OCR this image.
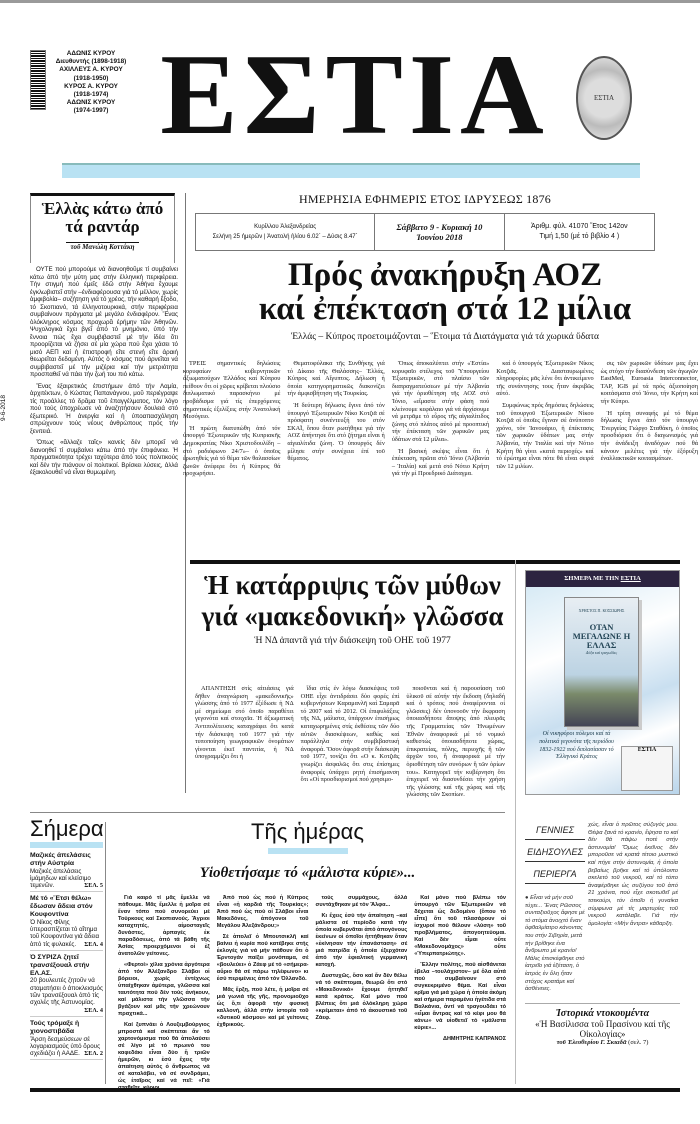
9-6-2018
ΑΔΩΝΙΣ ΚΥΡΟΥ
Διευθυντής (1898-1918)
ΑΧΙΛΛΕΥΣ Α. ΚΥΡΟΥ
(1918-1950)
ΚΥΡΟΣ Α. ΚΥΡΟΥ
(1918-1974)
ΑΔΩΝΙΣ ΚΥΡΟΥ
(1974-1997) ΕΣΤΙΑ	ΕΣΤΙΑ
Ἑλλὰς κάτω ἀπό τά ραντάρ
τοῦ Μανώλη Κοττάκη

ΟΥΤΕ πού μπορούμε νά διανοηθοῦμε τί συμβαίνει κάτω ἀπό τήν μύτη μας στήν ἑλληνική περιφέρεια. Τήν στιγμή πού ἐμεῖς ἐδῶ στήν Ἀθήνα ἔχουμε ἐγκλωβιστεῖ στήν –ἐνδιαφέρουσα γιά τό μέλλον, χωρίς ἀμφιβολία– συζήτηση γιά τό χρέος, τήν καθαρή ἔξοδο, τό Σκοπιανό, τά ἑλληνοτουρκικά, στήν περιφέρεια συμβαίνουν πράγματα μέ μεγάλο ἐνδιαφέρον. Ἕνας ὁλόκληρος κόσμος προχωρᾶ ἐρήμην τῶν Ἀθηνῶν. Ψυχολογικά ἔχει βγεῖ ἀπό τό μνημόνιο, ὑπό τήν ἔννοια πώς ἔχει συμβιβαστεῖ μέ τήν ἰδέα ὅτι προορίζεται νά ζήσει σέ μία χώρα πού ἔχει χάσει τό μισό ΑΕΠ καί ἡ ἐπιστροφή εἴτε στενή εἴτε ἀραιή θεωρεῖται δεδομένη. Αὐτός ὁ κόσμος πού ἀρνεῖται νά συμβιβαστεῖ μέ τήν μιζέρια καί τήν μετριότητα προσπαθεῖ νά πάει τήν ζωή του πιό κάτω.

Ἕνας ἐξαιρετικός ἐπιστήμων ἀπό τήν Λαμία, ἀρχιτέκτων, ὁ Κώστας Παπανάγνου, μοῦ περιέγραψε τίς προάλλες τό δρᾶμα τοῦ ἐπαγγέλματος, τόν λόγο πού τούς ὑποχρέωσε νά ἀναζητήσουν δουλειά στό ἐξωτερικό. Ἡ ἀνεργία καί ἡ ὑποαπασχόληση σπρώχνουν τούς νέους ἀνθρώπους πρός τήν ξενιτειά.

Ὅπως «ἄλλαζε ταῖς» κανείς δέν μπορεῖ νά διανοηθεῖ τί συμβαίνει κάτω ἀπό τήν ἐπιφάνεια. Ἡ πραγματικότητα τρέχει ταχύτερα ἀπό τούς πολιτικούς καί δέν τήν πιάνουν οἱ πολιτικοί. Βρίσκει λύσεις, ἀλλά ἐξακολουθεῖ νά εἶναι θυμωμένη.

ΗΜΕΡΗΣΙΑ ΕΦΗΜΕΡΙΣ ΕΤΟΣ ΙΔΡΥΣΕΩΣ 1876
Κυρίλλου Ἀλεξανδρείας
Σελήνη 25 ἡμερῶν | Ἀνατολή ἡλίου 6.02΄ – Δύσις 8.47΄
Σάββατο 9 - Κυριακή 10
Ἰουνίου 2018
Ἀριθμ. φύλ. 41070 Ἔτος 142ον
Τιμή 1,50 (μέ τό βιβλίο 4 )
Πρός ἀνακήρυξη ΑΟΖ
καί ἐπέκταση στά 12 μίλια
Ἑλλάς – Κύπρος προετοιμάζονται – Ἕτοιμα τά Διατάγματα γιά τά χωρικά ὕδατα

ΤΡΕΙΣ σημαντικές δηλώσεις κορυφαίων κυβερνητικῶν ἀξιωματούχων Ἑλλάδος καί Κύπρου πείθουν ὅτι οἱ χῶρες κρίβεται πλούσιο διπλωματικό παρασκήνιο μέ προβάδισμα γιά τίς ἐπερχόμενες σημαντικές ἐξελίξεις στήν Ἀνατολική Μεσόγειο.

Ἡ πρώτη διατυπώθη ἀπό τόν ὑπουργό Ἐξωτερικῶν τῆς Κυπριακῆς Δημοκρατίας Νίκο Χριστοδουλίδη –στό ραδιόφωνο 24/7»– ὁ ὁποῖος ἐρωτηθείς γιά τό θέμα τῶν θαλασσίων ζωνῶν ἀνέφερε ὅτι ἡ Κύπρος θά προχωρήσει.

Θεματοφύλακα τῆς Συνθήκης γιά τό Δίκαιο τῆς Θαλάσσης– Ἑλλάς, Κύπρος καί Αἴγυπτος. Δήλωση ἡ ὁποία κατηγορηματικῶς διακονίζει τήν ἀμφισβήτηση τῆς Τουρκίας.

Ἡ δεύτερη δήλωσις ἔγινε ἀπό τόν ὑπουργό Ἐξωτερικῶν Νίκο Κοτζιᾶ σέ πρόσφατη συνέντευξή του στόν ΣΚΑΪ, ὅπου ὅταν ρωτήθηκε γιά τήν ΑΟΖ ἀπήντησε ὅτι στό ζήτημα εἶναι ἡ αἰγιαλίτιδα ζώνη. Ὁ ὑπουργός δέν μίλησε στήν συνέχεια ἐπί τοῦ θέματος.

Ὅπως ἀποκαλύπτει στήν «Ἑστία» κορυφαῖο στέλεχος τοῦ Ὑπουργείου Ἐξωτερικῶν, στό πλαίσιο τῶν διαπραγματεύσεων μέ τήν Ἀλβανία γιά τήν ὁριοθέτηση τῆς ΑΟΖ στό Ἰόνιο, «εἴμαστε στήν φάση πού κλείνουμε κεφάλαιο γιά νά ἀρχίσουμε νά μετρᾶμε τό εὖρος τῆς αἰγιαλίτιδος ζώνης στό πλάτος αὐτό μέ προοπτική τήν ἐπέκταση τῶν χωρικῶν μας ὑδάτων στά 12 μίλια».

Ἡ βασική σκέψις εἶναι ὅτι ἡ ἐπέκταση, πρῶτα στό Ἰόνιο (Ἀλβανία – Ἰταλία) καί μετά στό Νότιο Κρήτη γιά τήν μί Προεδρικό Διάταγμα.

καί ὁ ὑπουργός Ἐξωτερικῶν Νίκος Κοτζιᾶς. Διασταυρωμένες πληροφορίες μᾶς λένε ὅτι ἀντικείμενο τῆς συνάντησης τους ἦταν ἀκριβῶς αὐτό.

Συμφώνως πρός δημόσιες δηλώσεις τοῦ ὑπουργοῦ Ἐξωτερικῶν Νίκου Κοτζιᾶ οἱ ὁποῖες ἔγιναν σέ ἀνύποπτο χρόνο, τόν Ἰανουάριο, ἡ ἐπέκτασις τῶν χωρικῶν ὑδάτων μας στήν Ἀλβανία, τήν Ἰταλία καί τήν Νότιο Κρήτη θά γίνει «κατά περιοχές» καί τό ἐρώτημα εἶναι πότε θά εἶναι σειρά τῶν 12 μιλίων.

σις τῶν χωρικῶν ὑδάτων μας ἔχει ὡς στόχο τήν διασύνδεση τῶν ἀγωγῶν EastMed, Euroasia Interconnector, TAP, IGB μέ τά πρός ἀξιοποίηση κοιτάσματα στό Ἰόνιο, τήν Κρήτη καί τήν Κύπρο.

Ἡ τρίτη συναφής μέ τό θέμα δήλωσις ἔγινε ἀπό τόν ὑπουργό Ἐνεργείας Γιώργο Σταθάκη, ὁ ὁποῖος προσδιόρισε ὅτι ὁ διαγωνισμός γιά τήν ἀνάδειξη ἀναδόχων πού θά κάνουν μελέτες γιά τήν ἐξόρυξη ἐναλλακτικῶν κοιτασμάτων.

Ἡ κατάρριψις τῶν μύθων
γιά «μακεδονική» γλῶσσα
Ἡ ΝΔ ἀπαντᾶ γιά τήν διάσκεψη τοῦ ΟΗΕ τοῦ 1977

ΑΠΑΝΤΗΣΗ στίς αἰτιάσεις γιά δῆθεν ἀναγνώριση «μακεδονικῆς» γλώσσης ἀπό τό 1977 ἐξέδωσε ἡ ΝΔ μέ σημείωμα στό ὁποῖο παραθέτει γεγονότα καί στοιχεῖα. Ἡ ἀξιωματική Ἀντιπολίτευσις καταγράφει ὅτι κατά τήν διάσκεψη τοῦ 1977 γιά τήν τυποποίηση γεωγραφικῶν ὀνομάτων γίνονται ἐκεῖ παντιτία, ἡ ΝΔ ὑπογραμμίζει ὅτι ἡ

ἴδια στίς ἐν λόγω διασκέψεις τοῦ ΟΗΕ εἶχε ἀντιδράσει δύο φορές ἐπί κυβερνήσεων Καραμανλῆ καί Σαμαρᾶ τό 2007 καί τό 2012. Οἱ ἐπιφυλάξεις τῆς ΝΔ, μάλιστα, ὑπάρχουν ἐπισήμως καταχωρημένες στίς ἐκθέσεις τῶν δύο αὐτῶν διασκέψεων, καθώς καί παράλληλα στήν συμβιβαστική ἀναφορά. Ὅσον ἀφορᾶ στήν διάσκεψη τοῦ 1977, τονίζει ὅτι «Ο κ. Κοτζιᾶς γνωρίζει ἀσφαλῶς ὅτι στις ἐπίσημες ἀναφορές ὑπάρχει ρητή ἐπισήμανση ὅτι «Οἱ προσδιορισμοί πού χρησιμο-

ποιοῦνται καί ἡ παρουσίαση τοῦ ὑλικοῦ σέ αὐτήν τήν ἔκδοση (δηλαδή καί ὁ τρόπος πού ἀναφέρονται οἱ γλῶσσες) δέν ὑπονοοῦν τήν ἔκφραση ὁποιασδήποτε ἄποψης ἀπό πλευρᾶς τῆς Γραμματείας τῶν Ἡνωμένων Ἐθνῶν ἀναφορικά μέ τό νομικό καθεστώς ὁποιασδήποτε χώρας, ἐπικρατείας, πόλης, περιοχῆς ἤ τῶν ἀρχῶν του, ἤ ἀναφορικά μέ τήν ὁριοθέτηση τῶν συνόρων ἤ τῶν ὁρίων του». Κατηγορεῖ τήν κυβέρνηση ὅτι ἐπιχειρεῖ νά διασυνδέσει τήν χρήση τῆς γλώσσης καί τῆς χώρας καί τῆς γλώσσης τῶν Σκοπίων.

ΣΗΜΕΡΑ ΜΕ ΤΗΝ ΕΣΤΙΑ
ΧΡΗΣΤΟΣ Π. ΚΟΣΣΙΩΡΗΣ
ΟΤΑΝ ΜΕΓΑΛΩΝΕ Η ΕΛΛΑΣ
Δόξα καί τραγωδίες
Οἱ νικηφόροι πόλεμοι καί τά πολιτικά γεγονότα τῆς περιόδου 1832-1922 πού διπλασίασαν τό Ἑλληνικό Κράτος
ΕΣΤΙΑ
Σήμερα
Μαζικές ἀπελάσεις στήν Αὐστρία
Μαζικές ἀπελάσεις ἰμάμηδων καί κλείσιμο τεμενῶν.	ΣΕΛ. 5
Μέ τό «Ἔτσι θέλω» ἔδωσαν ἄδεια στόν Κουφοντίνα
Ὁ Νίκος Φίλης ὑπερασπίζεται τό αἴτημα τοῦ Κουφοντίνα γιά ἄδεια ἀπό τίς φυλακές. ΣΕΛ. 4
Ὁ ΣΥΡΙΖΑ ζητεῖ τρανσέξουαλ στήν ΕΛ.ΑΣ.
20 βουλευτές ζητοῦν νά σταματήσει ὁ ἀποκλεισμός τῶν τρανσέξουαλ ἀπό τίς σχολές τῆς Ἀστυνομίας.
ΣΕΛ. 4
Τούς τρόμαξε ἡ χιονοστιβάδα
Ἄρση δεσμεύσεων σέ λογαριασμούς ὑπό ὅρους σχεδιάζει ἡ ΑΑΔΕ. ΣΕΛ. 2
Τῆς ἡμέρας
Υἱοθετήσαμε τό «μάλιστα κύριε»...

Γιά καιρό τί μᾶς ἔμελλε νά πάθουμε. Μᾶς ἔμελλε ἡ μοῖρα σέ ἕναν τόπο πού συνορεύει μέ Τούρκους καί Σκοπιανούς. Ἄγριοι καταχτητές, αἱμοσταγεῖς δυνάστες, ἁρπαγές ἐκ παραδόσεως, ἀπό τά βάθη τῆς Ἀσίας προερχόμενοι οἱ ἐξ ἀνατολῶν γείτονες.

«Φερτοί» χίλια χρόνια ἀργότερα ἀπό τόν Ἀλέξανδρο Σλάβοι οἱ βόρειοι, χωρίς ἐντέχνως ὑπαίχθηκαν ἀμύτερα, γλῶσσα καί ταυτότητα πού δέν τούς ἀνήκουν, καί μάλιστα τήν γλῶσσα τήν βγάζουν καί μᾶς τήν χρεώνουν πραχτικά...

Καί ξυπνάει ὁ Λουξεμβούργιος μπροστά καί σκέπτεται ἄν τό χαρτονόμισμα πού θά ἀπολαύσει σέ λίγο μέ τό πρωινό του καφεδάκι εἶναι δύο ἤ τριῶν ἡμερῶν, κι ἐσύ ἔχεις τήν ἀπαίτηση αὐτός ὁ ἄνθρωπος νά σέ καταλάβει, νά σέ συνδράμει, ὡς ἑταῖρος καί νά πεῖ: «Γιά

Ἀπό πού ὡς πού ἡ Κύπρος εἶναι «ἡ καρδιά τῆς Τουρκίας»; Ἀπό πού ὡς πού οἱ Σλάβοι εἶναι Μακεδόνες, ἀπόγονοι τοῦ Μεγάλου Ἀλεξάνδρου;»

Σέ ἀπολεῖ ὁ Μπουτσικλῆ καί βαίνει ἡ κυρία πού κατέβηκε στής ἐκλογές γιά νά μήν πάθουν ὅτι ὁ Ἐρντογάν παίξει μονόπαμα, σέ «βουλεύει» ὁ Ζάεφ μέ τό «σήμερα-αὔριο θά σέ πάρω τηλέφωνο» κι ἐσύ περιμένεις ἀπό τόν Ὀλλανδό.

Μᾶς ἔρξη, πού λέτε, ἡ μοῖρα σέ μιά γωνιά τῆς γῆς, προνομιοῦχο ὡς ὅ,τι ἀφορᾶ τήν φυσική καλλονή, ἀλλά στήν ἱστορία τοῦ «δυτικοῦ κόσμου» καί μέ γείτονες ἐχθρικούς.

τούς συμμάχους, ἀλλά συντάχθηκαν μέ τόν Ἄλφα...

Κι ἔχεις ἐσύ τήν ἀπαίτηση –καί μάλιστα σέ περίοδο κατά τήν ὁποία κυβερνᾶται ἀπό ἀπογόνους ἐκείνων οἱ ὁποῖοι ἡττήθηκαν ὅταν «ἐκίνησαν τήν ἐπανάσταση» σέ μιά πατρίδα ἡ ὁποία ἐξερχόταν ἀπό τήν ἐφιαλτική γερμανική κατοχή.

Δυστυχῶς, ὅσο καί ἄν δέν θέλω νά τό σκέπτομαι, θεωρῶ ὅτι στό «Μακεδονικό» ἔχουμε ἡττηθεῖ κατά κράτος. Καί μόνο πού βλέπεις ὅτι μιά ὁλόκληρη χώρα «κρέμεται» ἀπό τό ἀκουστικό τοῦ Ζάεφ.

Καί μόνο πού βλέπω τόν ὑπουργό τῶν Ἐξωτερικῶν νά δέχεται ὡς δεδομένο (ὅπου τό εἶπε) ὅτι τοῦ πλασάρουν οἱ ἰσχυροί πού θέλουν «λύση» τοῦ προβλήματος, ἀπογοητεύομαι. Καί δέν εἶμαι οὔτε «Μακεδονομάχος» οὔτε «Ὑπερπατριώτης».

Ἕλλην πολίτης, πού αἰσθάνεται ἐβελα –τουλάχιστον– μέ ὅλα αὐτά πού συμβαίνουν στό συγκεκριμένο θέμα. Καί εἶναι κρῖμα γιά μιά χώρα ἡ ὁποία ἀκόμη καί σήμερα παραμένει ἡγέτιδα στά Βαλκάνια, ἀντί νά τραγουδάει τό «εἶμαι ἄντρας καί τό κέφι μου θά κάνω» νά υἱοθετεῖ τό «μάλιστα κύριε»...

ΔΗΜΗΤΡΗΣ ΚΑΠΡΑΝΟΣ
ΓΕΝΝΙΕΣ
ΕΙΔΗΣΟΥΛΕΣ
ΠΕΡΙΕΡΓΑ
● Εἶναι νά μήν σοῦ τύχει... Ἕνας Ρῶσσος συνταξιοῦχος ἄφησε μέ τό στόμα ἀνοιχτό ἕναν ὀφθαλμίατρο κάνοντας του στήν Σιβηρία, μετά τήν βρίθηκε ἐνα ἄνθρωπο μέ κρανίο! Μάλις ἐπισκέφθηκε στό ἰατρεῖο γιά ἐξέταση, ὁ ἰατρός ἐν ὅλη ἤταν στόχος κρατάμε καί ἀσθένειες.
χώς, εἶναι ὁ πρῶτος σύζυγός μου. Θέψα ξανά τό κρανίο, ἔψησα το καί δέν θά πάψω ποτέ στήν ἀστυνομία! Ὅμως ἐκεῖνος δέν μποροῦσε νά κρατά τέτοιο μυστικό καί πήγε στήν ἀστυνομία, ἡ ὁποία βεβαίως βρῆκε καί τό ὑπόλοιπο σκελετό τοῦ νεκροῦ, καί τό τόπο ἀναφέρθηκε ὡς συζύγου τοῦ ἀπό 21 χρόνια, πού εἶχε σκοτωθεῖ μέ τσεκούρι, τόν ὁποῖο ἡ γυναίκα σύμφωνα μέ τίς μαρτυρίες τοῦ νεκροῦ κατάλαβε. Γιά τήν ὁμολογία: «Μήν ἄντρα» κάθαρξη.
Ἱστορικά ντοκουμέντα
«Ἡ Βασίλισσα τοῦ Πρασίνου καί τῆς Οἰκολογίας»
τοῦ Ἐλευθερίου Γ. Σκιαδᾶ (σελ. 7)
